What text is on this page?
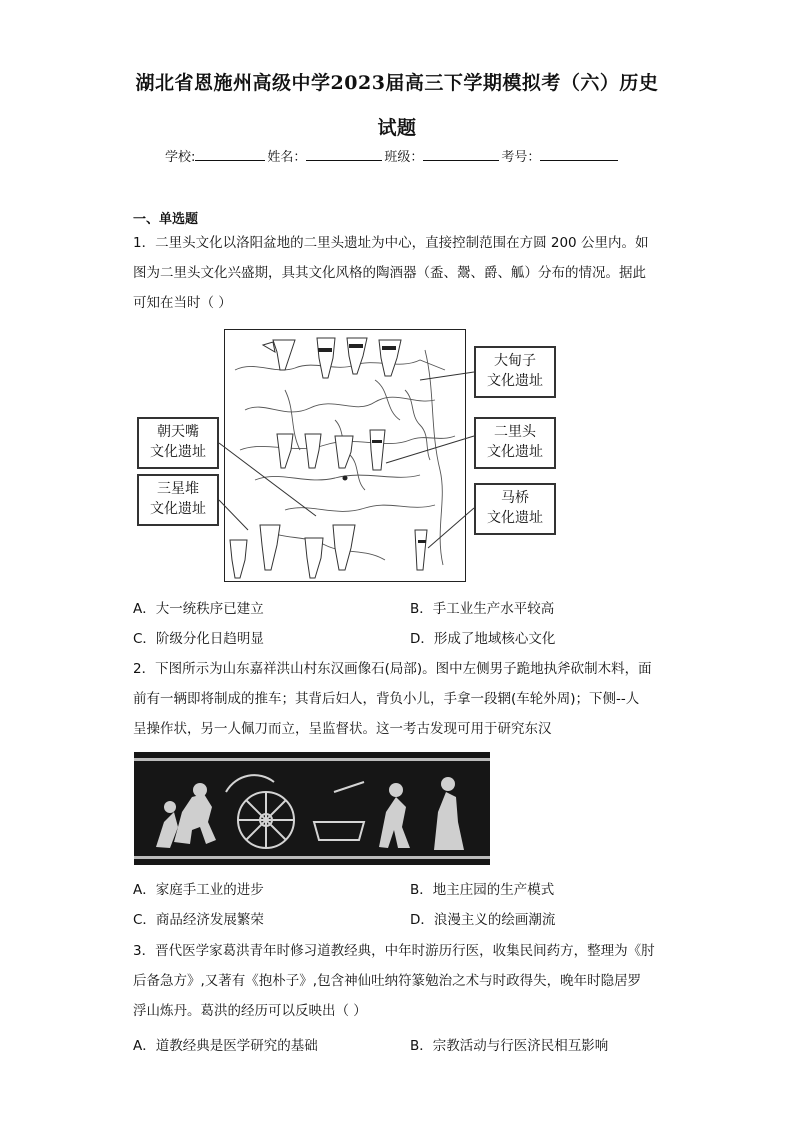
湖北省恩施州高级中学2023届高三下学期模拟考（六）历史
试题
学校:	姓名：	班级：	考号：
一、单选题
1．二里头文化以洛阳盆地的二里头遗址为中心，直接控制范围在方圆 200 公里内。如
图为二里头文化兴盛期，具其文化风格的陶酒器（盉、鬶、爵、觚）分布的情况。据此
可知在当时（ ）
大甸子
文化遗址
二里头
文化遗址
马桥
文化遗址
朝天嘴
文化遗址
三星堆
文化遗址
A．大一统秩序已建立	B．手工业生产水平较高
C．阶级分化日趋明显	D．形成了地域核心文化
2．下图所示为山东嘉祥洪山村东汉画像石(局部)。图中左侧男子跪地执斧砍制木料，面
前有一辆即将制成的推车；其背后妇人，背负小儿，手拿一段辋(车轮外周)；下侧--人
呈操作状，另一人佩刀而立，呈监督状。这一考古发现可用于研究东汉
A．家庭手工业的进步	B．地主庄园的生产模式
C．商品经济发展繁荣	D．浪漫主义的绘画潮流
3．晋代医学家葛洪青年时修习道教经典，中年时游历行医，收集民间药方，整理为《肘
后备急方》,又著有《抱朴子》,包含神仙吐纳符篆勉治之术与时政得失，晚年时隐居罗
浮山炼丹。葛洪的经历可以反映出（ ）
A．道教经典是医学研究的基础	B．宗教活动与行医济民相互影响
